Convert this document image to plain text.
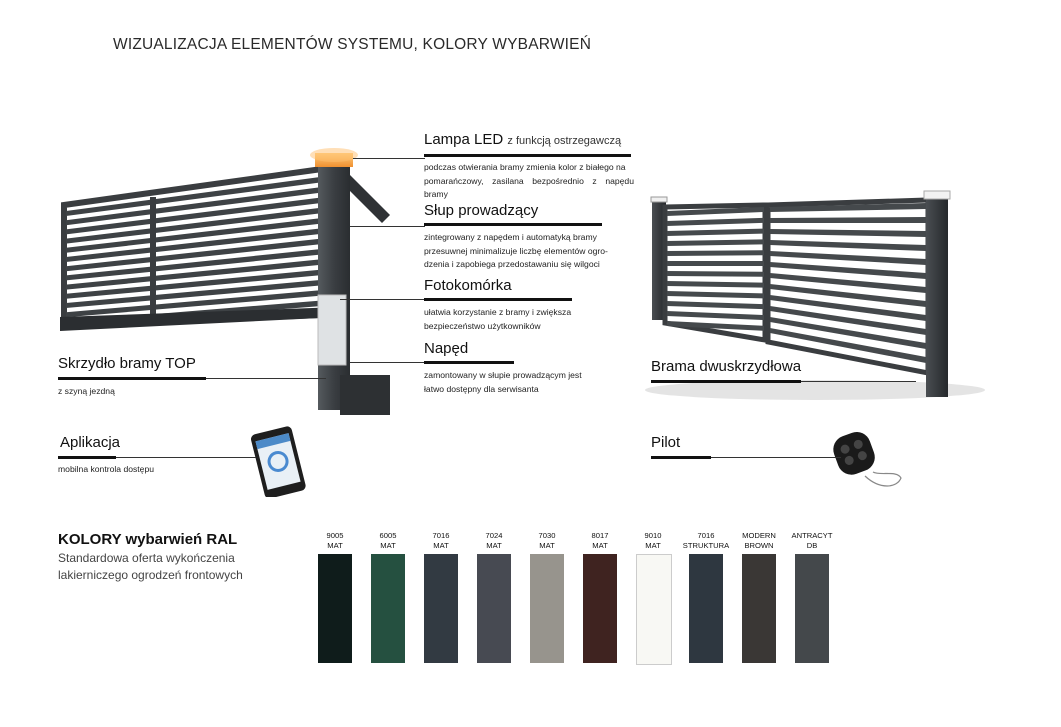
WIZUALIZACJA ELEMENTÓW SYSTEMU, KOLORY WYBARWIEŃ
Lampa LED z funkcją ostrzegawczą
podczas otwierania bramy zmienia kolor z białego na
pomarańczowy, zasilana bezpośrednio z napędu bramy
Słup prowadzący
zintegrowany z napędem i automatyką bramy
przesuwnej minimalizuje liczbę elementów ogro-
dzenia i zapobiega przedostawaniu się wilgoci
Fotokomórka
ułatwia korzystanie z bramy i zwiększa
bezpieczeństwo użytkowników
Napęd
zamontowany w słupie prowadzącym jest
łatwo dostępny dla serwisanta
Skrzydło bramy TOP
z szyną jezdną
Aplikacja
mobilna kontrola dostępu
Brama dwuskrzydłowa
Pilot
KOLORY wybarwień RAL
Standardowa oferta wykończenia
lakierniczego ogrodzeń frontowych
9005
MAT
6005
MAT
7016
MAT
7024
MAT
7030
MAT
8017
MAT
9010
MAT
7016
STRUKTURA
MODERN
BROWN
ANTRACYT
DB
